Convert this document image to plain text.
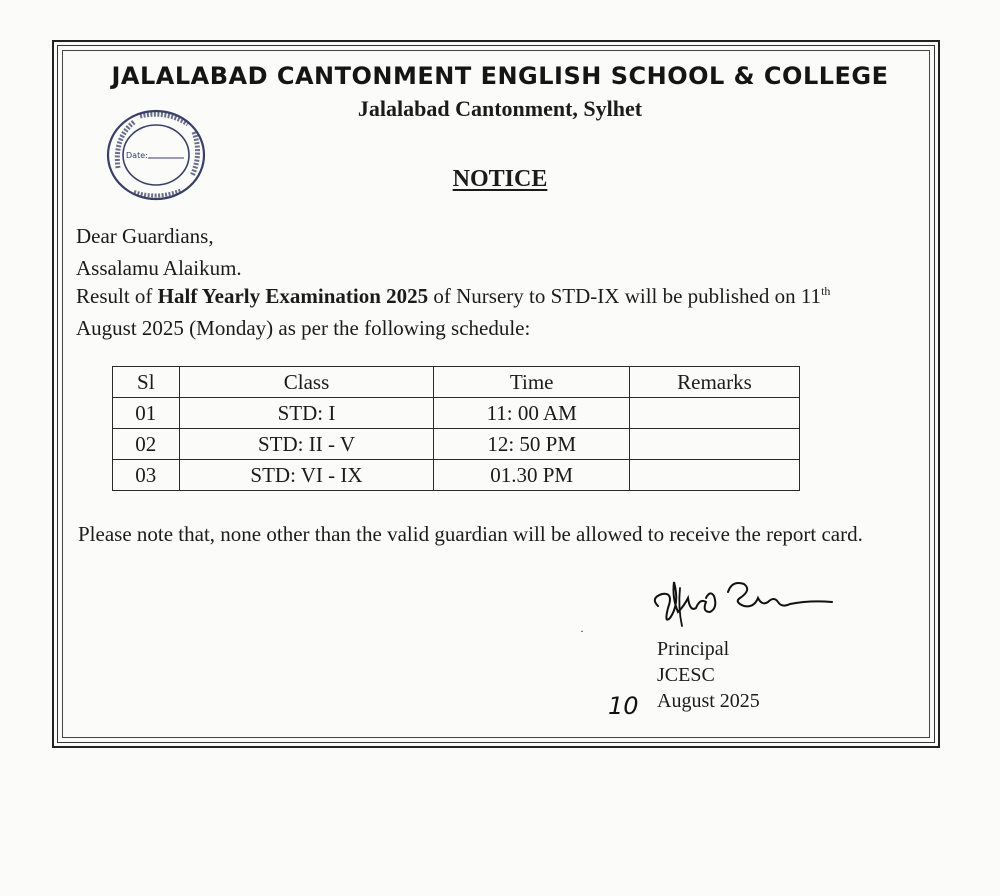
JALALABAD CANTONMENT ENGLISH SCHOOL & COLLEGE
Jalalabad Cantonment, Sylhet
Date:
NOTICE
Dear Guardians,
Assalamu Alaikum.
Result of Half Yearly Examination 2025 of Nursery to STD-IX will be published on 11th
August 2025 (Monday) as per the following schedule:
Sl	Class	Time	Remarks
01	STD: I	11: 00 AM	
02	STD: II - V	12: 50 PM	
03	STD: VI - IX	01.30 PM	
Please note that, none other than the valid guardian will be allowed to receive the report card.
·
Principal
JCESC
August 2025
10
